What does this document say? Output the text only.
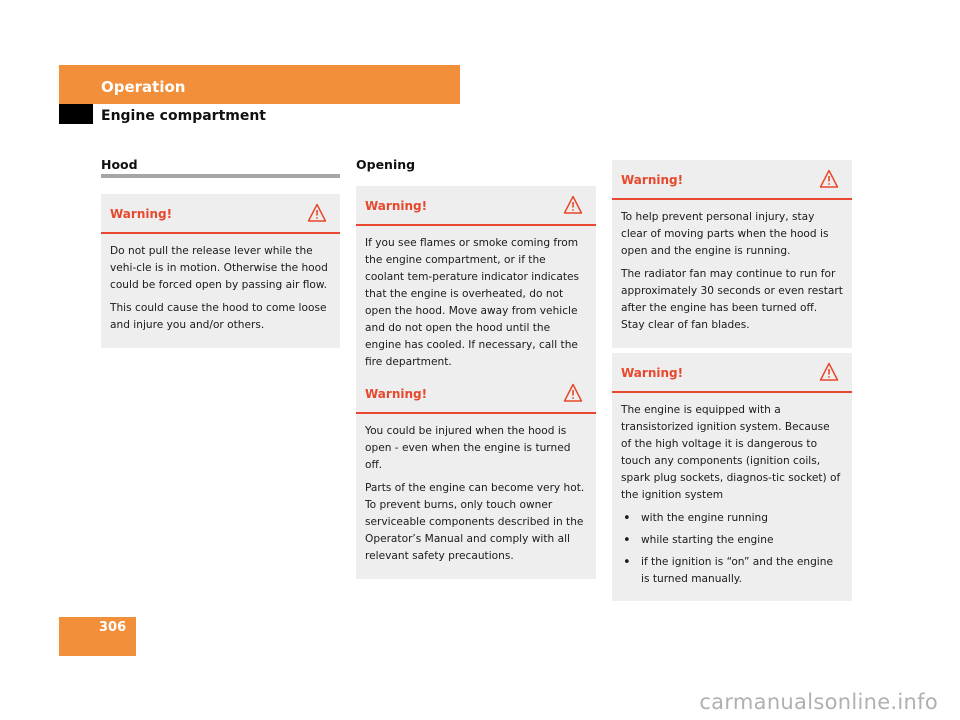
Operation
Engine compartment
Hood	Opening
Warning!

Do not pull the release lever while the vehi-cle is in motion. Otherwise the hood could be forced open by passing air flow.

This could cause the hood to come loose and injure you and/or others.

Warning!

If you see flames or smoke coming from the engine compartment, or if the coolant tem-perature indicator indicates that the engine is overheated, do not open the hood. Move away from vehicle and do not open the hood until the engine has cooled. If necessary, call the fire department.

Warning!

You could be injured when the hood is open - even when the engine is turned off.

Parts of the engine can become very hot. To prevent burns, only touch owner serviceable components described in the Operator’s Manual and comply with all relevant safety precautions.

Warning!

To help prevent personal injury, stay clear of moving parts when the hood is open and the engine is running.

The radiator fan may continue to run for approximately 30 seconds or even restart after the engine has been turned off. Stay clear of fan blades.

Warning!

The engine is equipped with a transistorized ignition system. Because of the high voltage it is dangerous to touch any components (ignition coils, spark plug sockets, diagnos-tic socket) of the ignition system

• with the engine running
• while starting the engine
• if the ignition is “on” and the engine is turned manually.
306
carmanualsonline.info
